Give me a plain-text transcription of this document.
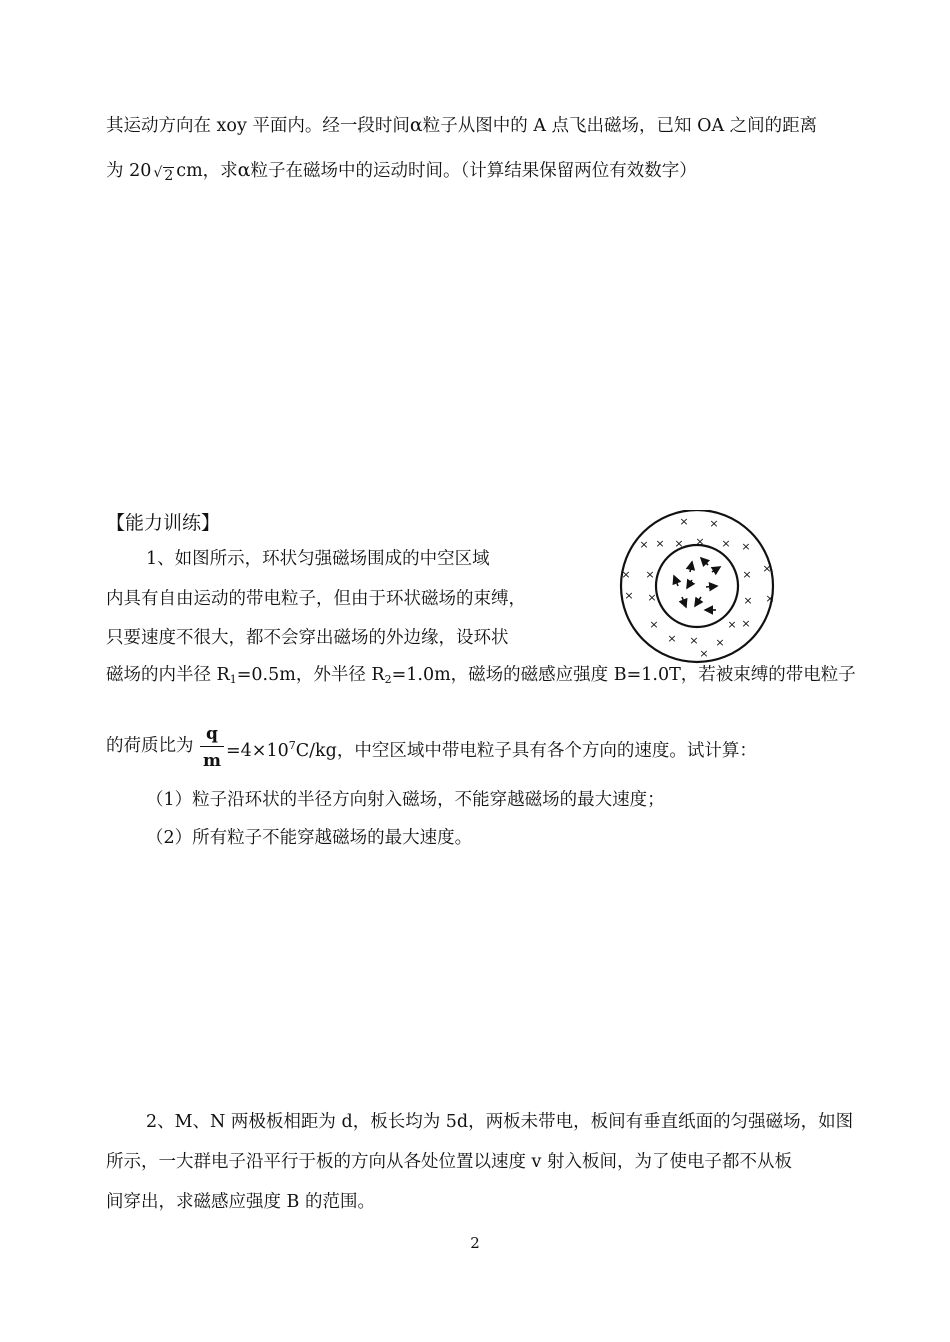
其运动方向在 xoy 平面内。经一段时间α粒子从图中的 A 点飞出磁场，已知 OA 之间的距离
为 20 √ $_2$ cm，求α粒子在磁场中的运动时间。（计算结果保留两位有效数字）
【能力训练】
1、如图所示，环状匀强磁场围成的中空区域
内具有自由运动的带电粒子，但由于环状磁场的束缚，
只要速度不很大，都不会穿出磁场的外边缘，设环状
磁场的内半径 $R_1=0.5m$，外半径 $R_2=1.0m$，磁场的磁感应强度 B=1.0T，若被束缚的带电粒子
的荷质比为 $\frac{q}{m} =4\times 10^7C/kg$，中空区域中带电粒子具有各个方向的速度。试计算：
（1）粒子沿环状的半径方向射入磁场，不能穿越磁场的最大速度；
（2）所有粒子不能穿越磁场的最大速度。
× ×
× × × × × ×
× ×	× ×
× ×	× ×
×	× ×
× × ×
×
2、M、N 两极板相距为 d，板长均为 5d，两板未带电，板间有垂直纸面的匀强磁场，如图
所示，一大群电子沿平行于板的方向从各处位置以速度 v 射入板间，为了使电子都不从板
间穿出，求磁感应强度 B 的范围。
2
